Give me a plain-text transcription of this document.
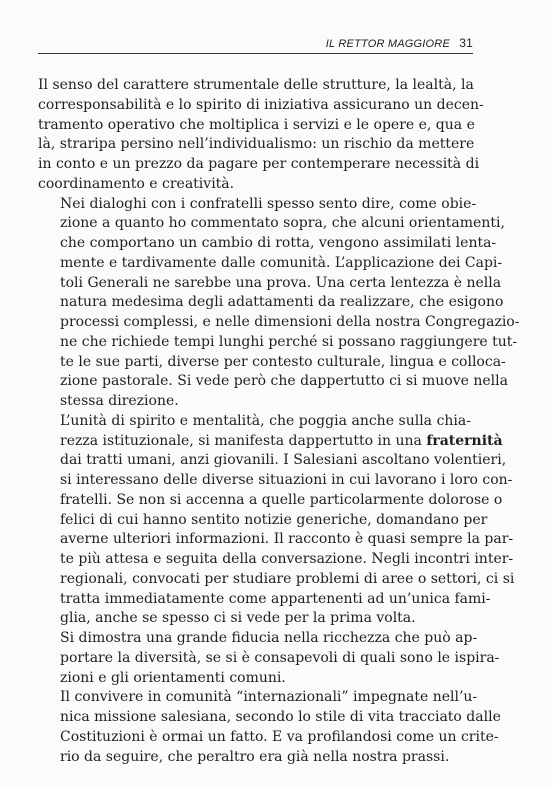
IL RETTOR MAGGIORE 31

Il senso del carattere strumentale delle strutture, la lealtà, la
corresponsabilità e lo spirito di iniziativa assicurano un decen-
tramento operativo che moltiplica i servizi e le opere e, qua e
là, straripa persino nell’individualismo: un rischio da mettere
in conto e un prezzo da pagare per contemperare necessità di
coordinamento e creatività.

Nei dialoghi con i confratelli spesso sento dire, come obie-
zione a quanto ho commentato sopra, che alcuni orientamenti,
che comportano un cambio di rotta, vengono assimilati lenta-
mente e tardivamente dalle comunità. L’applicazione dei Capi-
toli Generali ne sarebbe una prova. Una certa lentezza è nella
natura medesima degli adattamenti da realizzare, che esigono
processi complessi, e nelle dimensioni della nostra Congregazio-
ne che richiede tempi lunghi perché si possano raggiungere tut-
te le sue parti, diverse per contesto culturale, lingua e colloca-
zione pastorale. Si vede però che dappertutto ci si muove nella
stessa direzione.

L’unità di spirito e mentalità, che poggia anche sulla chia-
rezza istituzionale, si manifesta dappertutto in una fraternità
dai tratti umani, anzi giovanili. I Salesiani ascoltano volentieri,
si interessano delle diverse situazioni in cui lavorano i loro con-
fratelli. Se non si accenna a quelle particolarmente dolorose o
felici di cui hanno sentito notizie generiche, domandano per
averne ulteriori informazioni. Il racconto è quasi sempre la par-
te più attesa e seguita della conversazione. Negli incontri inter-
regionali, convocati per studiare problemi di aree o settori, ci si
tratta immediatamente come appartenenti ad un’unica fami-
glia, anche se spesso ci si vede per la prima volta.

Si dimostra una grande fiducia nella ricchezza che può ap-
portare la diversità, se si è consapevoli di quali sono le ispira-
zioni e gli orientamenti comuni.

Il convivere in comunità “internazionali” impegnate nell’u-
nica missione salesiana, secondo lo stile di vita tracciato dalle
Costituzioni è ormai un fatto. E va profilandosi come un crite-
rio da seguire, che peraltro era già nella nostra prassi.
